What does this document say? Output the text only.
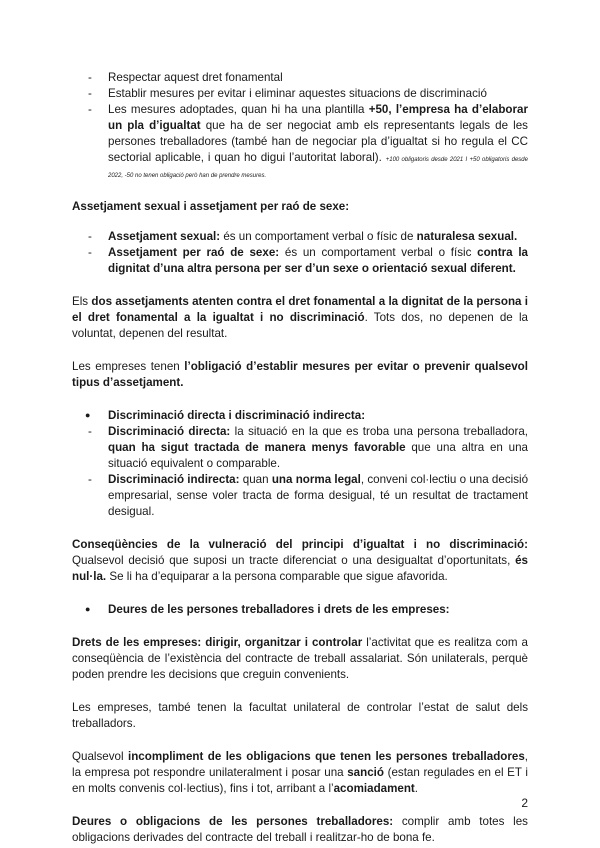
- Respectar aquest dret fonamental
- Establir mesures per evitar i eliminar aquestes situacions de discriminació
- Les mesures adoptades, quan hi ha una plantilla +50, l’empresa ha d’elaborar un pla d’igualtat que ha de ser negociat amb els representants legals de les persones treballadores (també han de negociar pla d’igualtat si ho regula el CC sectorial aplicable, i quan ho digui l’autoritat laboral). +100 obligatoris desde 2021 I +50 obligatoris desde 2022, -50 no tenen obligació però han de prendre mesures.

Assetjament sexual i assetjament per raó de sexe:

- Assetjament sexual: és un comportament verbal o físic de naturalesa sexual.
- Assetjament per raó de sexe: és un comportament verbal o físic contra la dignitat d’una altra persona per ser d’un sexe o orientació sexual diferent.

Els dos assetjaments atenten contra el dret fonamental a la dignitat de la persona i el dret fonamental a la igualtat i no discriminació. Tots dos, no depenen de la voluntat, depenen del resultat.

Les empreses tenen l’obligació d’establir mesures per evitar o prevenir qualsevol tipus d’assetjament.

● Discriminació directa i discriminació indirecta:
- Discriminació directa: la situació en la que es troba una persona treballadora, quan ha sigut tractada de manera menys favorable que una altra en una situació equivalent o comparable.
- Discriminació indirecta: quan una norma legal, conveni col·lectiu o una decisió empresarial, sense voler tracta de forma desigual, té un resultat de tractament desigual.

Conseqüències de la vulneració del principi d’igualtat i no discriminació: Qualsevol decisió que suposi un tracte diferenciat o una desigualtat d’oportunitats, és nul·la. Se li ha d’equiparar a la persona comparable que sigue afavorida.

● Deures de les persones treballadores i drets de les empreses:

Drets de les empreses: dirigir, organitzar i controlar l’activitat que es realitza com a conseqüència de l’existència del contracte de treball assalariat. Són unilaterals, perquè poden prendre les decisions que creguin convenients.

Les empreses, també tenen la facultat unilateral de controlar l’estat de salut dels treballadors.

Qualsevol incompliment de les obligacions que tenen les persones treballadores, la empresa pot respondre unilateralment i posar una sanció (estan regulades en el ET i en molts convenis col·lectius), fins i tot, arribant a l’acomiadament.

Deures o obligacions de les persones treballadores: complir amb totes les obligacions derivades del contracte del treball i realitzar-ho de bona fe.

2
